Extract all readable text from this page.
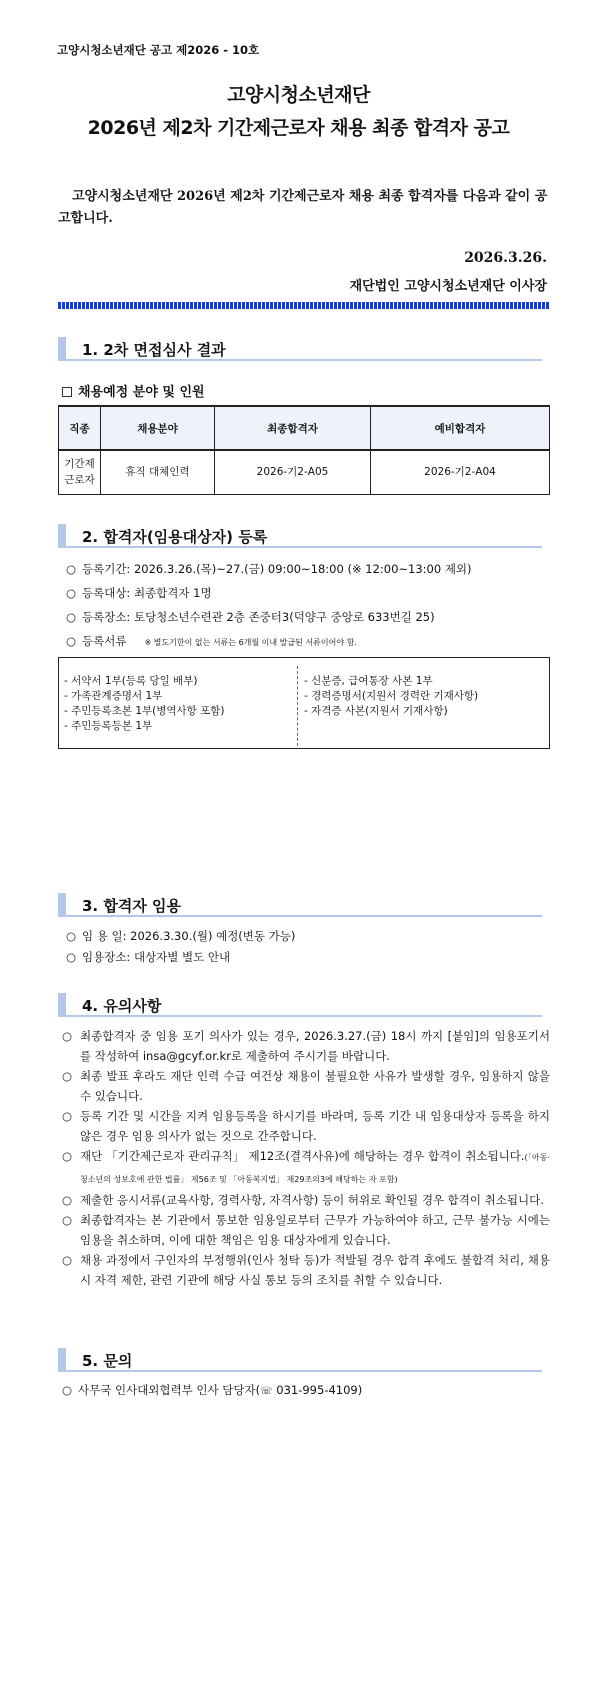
고양시청소년재단 공고 제2026 - 10호
고양시청소년재단
2026년 제2차 기간제근로자 채용 최종 합격자 공고
고양시청소년재단 2026년 제2차 기간제근로자 채용 최종 합격자를 다음과 같이 공고합니다.
2026.3.26.
재단법인 고양시청소년재단 이사장
1. 2차 면접심사 결과
채용예정 분야 및 인원
직종	채용분야	최종합격자	예비합격자
기간제
근로자	휴직 대체인력	2026-기2-A05	2026-기2-A04
2. 합격자(임용대상자) 등록
○ 등록기간: 2026.3.26.(목)~27.(금) 09:00~18:00 (※ 12:00~13:00 제외)
○ 등록대상: 최종합격자 1명
○ 등록장소: 토당청소년수련관 2층 존중터3(덕양구 중앙로 633번길 25)
○ 등록서류 ※ 별도기한이 없는 서류는 6개월 이내 발급된 서류이어야 함.
- 서약서 1부(등록 당일 배부)
- 가족관계증명서 1부
- 주민등록초본 1부(병역사항 포함)
- 주민등록등본 1부
- 신분증, 급여통장 사본 1부
- 경력증명서(지원서 경력란 기재사항)
- 자격증 사본(지원서 기재사항)
3. 합격자 임용
○ 임 용 일: 2026.3.30.(월) 예정(변동 가능)
○ 임용장소: 대상자별 별도 안내
4. 유의사항
○ 최종합격자 중 임용 포기 의사가 있는 경우, 2026.3.27.(금) 18시 까지 [붙임]의 임용포기서를 작성하여 insa@gcyf.or.kr로 제출하여 주시기를 바랍니다.
○ 최종 발표 후라도 재단 인력 수급 여건상 채용이 불필요한 사유가 발생할 경우, 임용하지 않을 수 있습니다.
○ 등록 기간 및 시간을 지켜 임용등록을 하시기를 바라며, 등록 기간 내 임용대상자 등록을 하지 않은 경우 임용 의사가 없는 것으로 간주합니다.
○ 재단 「기간제근로자 관리규칙」 제12조(결격사유)에 해당하는 경우 합격이 취소됩니다.(「아동·청소년의 성보호에 관한 법률」 제56조 및 「아동복지법」 제29조의3에 해당하는 자 포함)
○ 제출한 응시서류(교육사항, 경력사항, 자격사항) 등이 허위로 확인될 경우 합격이 취소됩니다.
○ 최종합격자는 본 기관에서 통보한 임용일로부터 근무가 가능하여야 하고, 근무 불가능 시에는 임용을 취소하며, 이에 대한 책임은 임용 대상자에게 있습니다.
○ 채용 과정에서 구인자의 부정행위(인사 청탁 등)가 적발될 경우 합격 후에도 불합격 처리, 채용 시 자격 제한, 관련 기관에 해당 사실 통보 등의 조치를 취할 수 있습니다.
5. 문의
○ 사무국 인사대외협력부 인사 담당자(☏ 031-995-4109)
